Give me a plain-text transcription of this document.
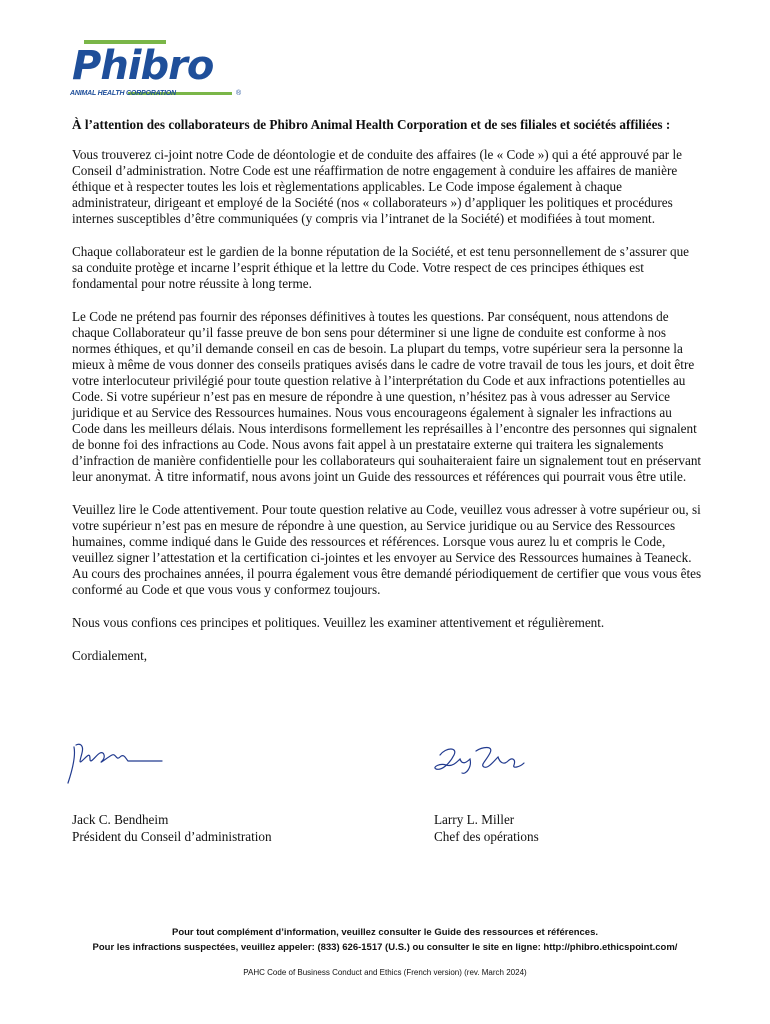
Phibro
ANIMAL HEALTH CORPORATION	®

À l’attention des collaborateurs de Phibro Animal Health Corporation et de ses filiales et sociétés affiliées :

Vous trouverez ci-joint notre Code de déontologie et de conduite des affaires (le « Code ») qui a été approuvé par le Conseil d’administration. Notre Code est une réaffirmation de notre engagement à conduire les affaires de manière éthique et à respecter toutes les lois et règlementations applicables. Le Code impose également à chaque administrateur, dirigeant et employé de la Société (nos « collaborateurs ») d’appliquer les politiques et procédures internes susceptibles d’être communiquées (y compris via l’intranet de la Société) et modifiées à tout moment.

Chaque collaborateur est le gardien de la bonne réputation de la Société, et est tenu personnellement de s’assurer que sa conduite protège et incarne l’esprit éthique et la lettre du Code. Votre respect de ces principes éthiques est fondamental pour notre réussite à long terme.

Le Code ne prétend pas fournir des réponses définitives à toutes les questions. Par conséquent, nous attendons de chaque Collaborateur qu’il fasse preuve de bon sens pour déterminer si une ligne de conduite est conforme à nos normes éthiques, et qu’il demande conseil en cas de besoin. La plupart du temps, votre supérieur sera la personne la mieux à même de vous donner des conseils pratiques avisés dans le cadre de votre travail de tous les jours, et doit être votre interlocuteur privilégié pour toute question relative à l’interprétation du Code et aux infractions potentielles au Code. Si votre supérieur n’est pas en mesure de répondre à une question, n’hésitez pas à vous adresser au Service juridique et au Service des Ressources humaines. Nous vous encourageons également à signaler les infractions au Code dans les meilleurs délais. Nous interdisons formellement les représailles à l’encontre des personnes qui signalent de bonne foi des infractions au Code. Nous avons fait appel à un prestataire externe qui traitera les signalements d’infraction de manière confidentielle pour les collaborateurs qui souhaiteraient faire un signalement tout en préservant leur anonymat. À titre informatif, nous avons joint un Guide des ressources et références qui pourrait vous être utile.

Veuillez lire le Code attentivement. Pour toute question relative au Code, veuillez vous adresser à votre supérieur ou, si votre supérieur n’est pas en mesure de répondre à une question, au Service juridique ou au Service des Ressources humaines, comme indiqué dans le Guide des ressources et références. Lorsque vous aurez lu et compris le Code, veuillez signer l’attestation et la certification ci-jointes et les envoyer au Service des Ressources humaines à Teaneck. Au cours des prochaines années, il pourra également vous être demandé périodiquement de certifier que vous vous êtes conformé au Code et que vous vous y conformez toujours.

Nous vous confions ces principes et politiques. Veuillez les examiner attentivement et régulièrement.

Cordialement,

Jack C. Bendheim
Président du Conseil d’administration
Larry L. Miller
Chef des opérations
Pour tout complément d’information, veuillez consulter le Guide des ressources et références.
Pour les infractions suspectées, veuillez appeler: (833) 626-1517 (U.S.) ou consulter le site en ligne: http://phibro.ethicspoint.com/
PAHC Code of Business Conduct and Ethics (French version) (rev. March 2024)
